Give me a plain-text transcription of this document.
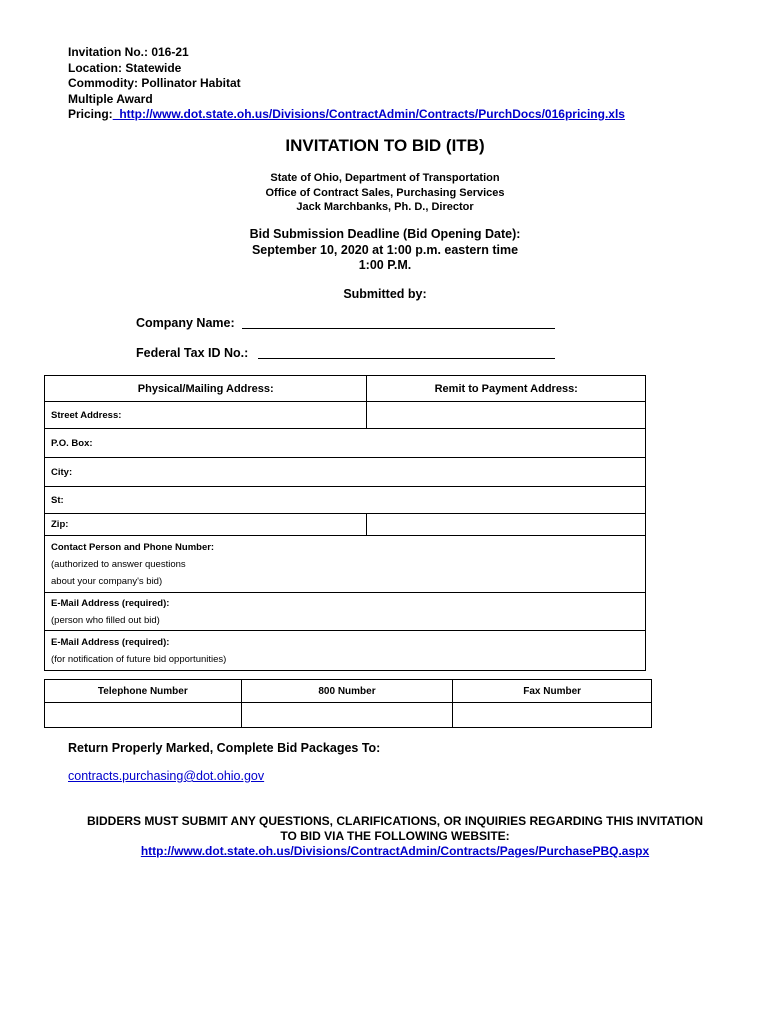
Invitation No.: 016-21
Location: Statewide
Commodity: Pollinator Habitat
Multiple Award
Pricing:  http://www.dot.state.oh.us/Divisions/ContractAdmin/Contracts/PurchDocs/016pricing.xls
INVITATION TO BID (ITB)
State of Ohio, Department of Transportation
Office of Contract Sales, Purchasing Services
Jack Marchbanks, Ph. D., Director
Bid Submission Deadline (Bid Opening Date):
September 10, 2020 at 1:00 p.m. eastern time
1:00 P.M.
Submitted by:
Company Name:
Federal Tax ID No.:
Physical/Mailing Address:	Remit to Payment Address:
Street Address:	
P.O. Box:	
City:	
St:	
Zip:	
Contact Person and Phone Number:
(authorized to answer questions
about your company's bid)	

E-Mail Address (required):
(person who filled out bid)	

E-Mail Address (required):
(for notification of future bid opportunities)	
Telephone Number	800 Number	Fax Number

Return Properly Marked, Complete Bid Packages To:
contracts.purchasing@dot.ohio.gov
BIDDERS MUST SUBMIT ANY QUESTIONS, CLARIFICATIONS, OR INQUIRIES REGARDING THIS INVITATION
TO BID VIA THE FOLLOWING WEBSITE:
http://www.dot.state.oh.us/Divisions/ContractAdmin/Contracts/Pages/PurchasePBQ.aspx
